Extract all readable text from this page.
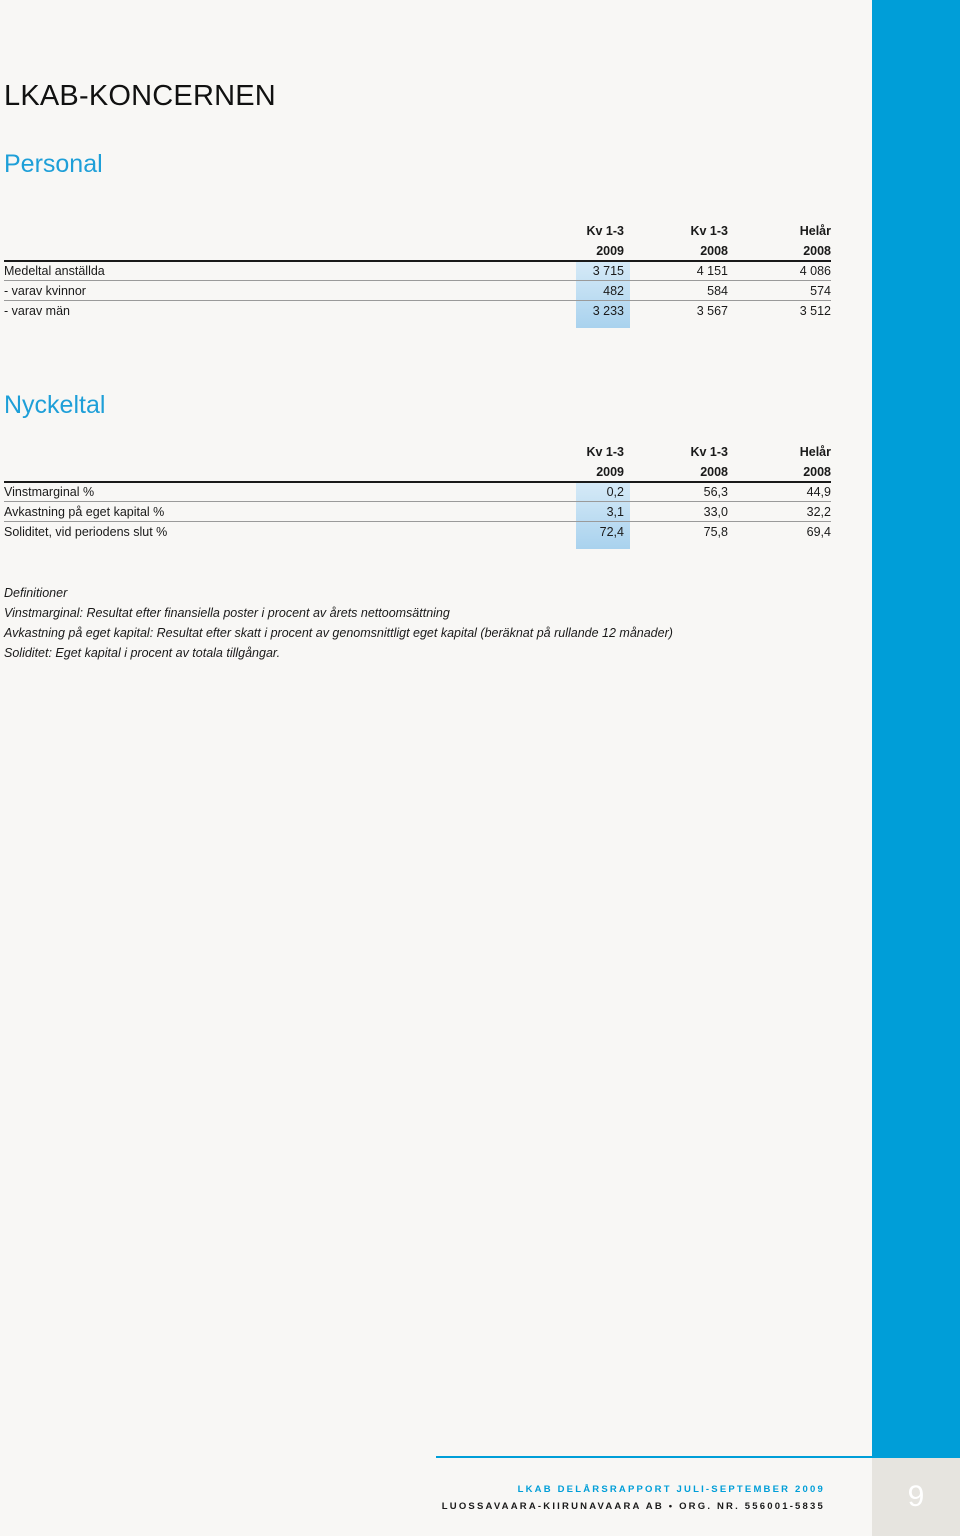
9
LKAB-KONCERNEN
Personal
Kv 1-3	Kv 1-3	Helår
2009	2008	2008
Medeltal anställda	3 715	4 151	4 086
- varav kvinnor	482	584	574
- varav män	3 233	3 567	3 512
Nyckeltal
Kv 1-3	Kv 1-3	Helår
2009	2008	2008
Vinstmarginal %	0,2	56,3	44,9
Avkastning på eget kapital %	3,1	33,0	32,2
Soliditet, vid periodens slut %	72,4	75,8	69,4
Definitioner
Vinstmarginal: Resultat efter finansiella poster i procent av årets nettoomsättning
Avkastning på eget kapital: Resultat efter skatt i procent av genomsnittligt eget kapital (beräknat på rullande 12 månader)
Soliditet: Eget kapital i procent av totala tillgångar.
LKAB DELÅRSRAPPORT JULI-SEPTEMBER 2009
LUOSSAVAARA-KIIRUNAVAARA AB • ORG. NR. 556001-5835
